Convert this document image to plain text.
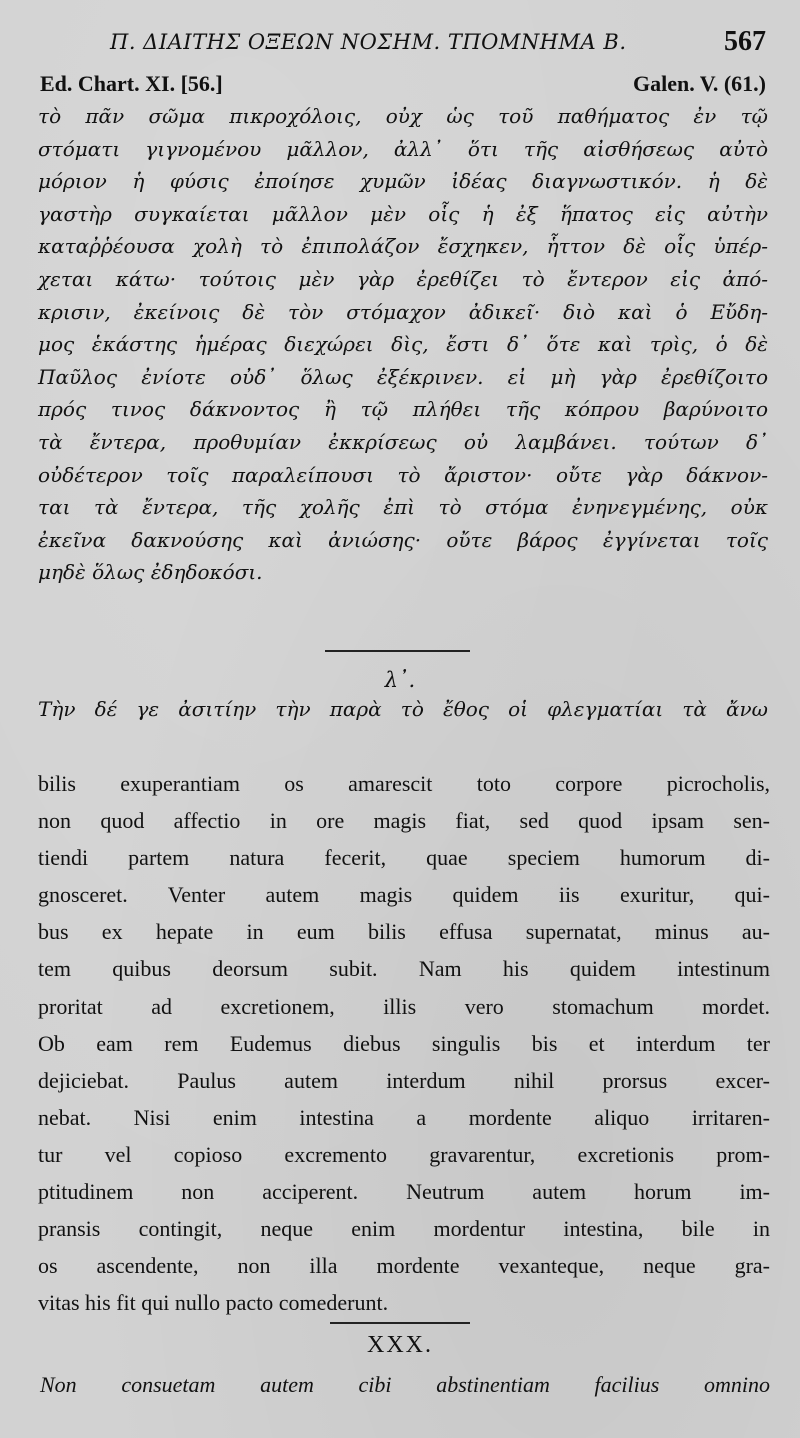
Π. ΔΙΑΙΤΗΣ ΟΞΕΩΝ ΝΟΣΗΜ. ΤΠΟΜΝΗΜΑ Β.	567
Ed. Chart. XI. [56.]	Galen. V. (61.)
τὸ πᾶν σῶμα πικροχόλοις, οὐχ ὡς τοῦ παθήματος ἐν τῷ
στόματι γιγνομένου μᾶλλον, ἀλλ᾽ ὅτι τῆς αἰσθήσεως αὐτὸ
μόριον ἡ φύσις ἐποίησε χυμῶν ἰδέας διαγνωστικόν. ἡ δὲ
γαστὴρ συγκαίεται μᾶλλον μὲν οἷς ἡ ἐξ ἥπατος εἰς αὐτὴν
καταῤῥέουσα χολὴ τὸ ἐπιπολάζον ἔσχηκεν, ἧττον δὲ οἷς ὑπέρ-
χεται κάτω· τούτοις μὲν γὰρ ἐρεθίζει τὸ ἔντερον εἰς ἀπό-
κρισιν, ἐκείνοις δὲ τὸν στόμαχον ἀδικεῖ· διὸ καὶ ὁ Εὔδη-
μος ἑκάστης ἡμέρας διεχώρει δὶς, ἔστι δ᾽ ὅτε καὶ τρὶς, ὁ δὲ
Παῦλος ἐνίοτε οὐδ᾽ ὅλως ἐξέκρινεν. εἰ μὴ γὰρ ἐρεθίζοιτο
πρός τινος δάκνοντος ἢ τῷ πλήθει τῆς κόπρου βαρύνοιτο
τὰ ἔντερα, προθυμίαν ἐκκρίσεως οὐ λαμβάνει. τούτων δ᾽
οὐδέτερον τοῖς παραλείπουσι τὸ ἄριστον· οὔτε γὰρ δάκνον-
ται τὰ ἔντερα, τῆς χολῆς ἐπὶ τὸ στόμα ἐνηνεγμένης, οὐκ
ἐκεῖνα δακνούσης καὶ ἀνιώσης· οὔτε βάρος ἐγγίνεται τοῖς
μηδὲ ὅλως ἐδηδοκόσι.
λ᾽.
Τὴν δέ γε ἀσιτίην τὴν παρὰ τὸ ἔθος οἱ φλεγματίαι τὰ ἄνω
bilis exuperantiam os amarescit toto corpore picrocholis,
non quod affectio in ore magis fiat, sed quod ipsam sen-
tiendi partem natura fecerit, quae speciem humorum di-
gnosceret. Venter autem magis quidem iis exuritur, qui-
bus ex hepate in eum bilis effusa supernatat, minus au-
tem quibus deorsum subit. Nam his quidem intestinum
proritat ad excretionem, illis vero stomachum mordet.
Ob eam rem Eudemus diebus singulis bis et interdum ter
dejiciebat. Paulus autem interdum nihil prorsus excer-
nebat. Nisi enim intestina a mordente aliquo irritaren-
tur vel copioso excremento gravarentur, excretionis prom-
ptitudinem non acciperent. Neutrum autem horum im-
pransis contingit, neque enim mordentur intestina, bile in
os ascendente, non illa mordente vexanteque, neque gra-
vitas his fit qui nullo pacto comederunt.
XXX.
Non consuetam autem cibi abstinentiam facilius omnino
